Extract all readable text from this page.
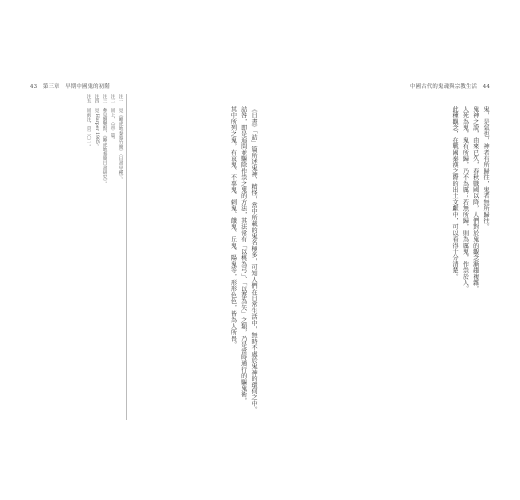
43　第三章　早期中國鬼的初階

注一　見《睡虎地秦墓竹簡》〈日書甲種〉。

注二　同上，〈詰〉篇。

注三　參見劉樂賢，《睡虎地秦簡日書研究》。

注四　見 Harper 1985。

注五　同前注，頁二〇一。	《日書》「詰」篇所述鬼神、精怪，當中所載的鬼名極多，可知人們在日常生活中，無時不處於鬼神的環伺之中。

詰咎，即是追問並驅除作祟之鬼的方法，其法常有「以桃為弓」、「以葦為矢」之類，乃是當時通行的驅鬼術。

其中所列之鬼，有哀鬼、不辜鬼、刺鬼、餓鬼、丘鬼、陽鬼等，形形色色，皆為人所畏。

中國古代的鬼魂與宗教生活　44

鬼，是氣也，神者有所歸往，鬼者無所歸往。

鬼神之說，由來已久，春秋戰國以降，人們對於鬼的觀念漸趨複雜。

人死為鬼，鬼有所歸，乃不為厲；若無所歸，則為厲鬼，作祟於人。

此種觀念，在戰國秦漢之際的出土文獻中，可以看得十分清楚。
